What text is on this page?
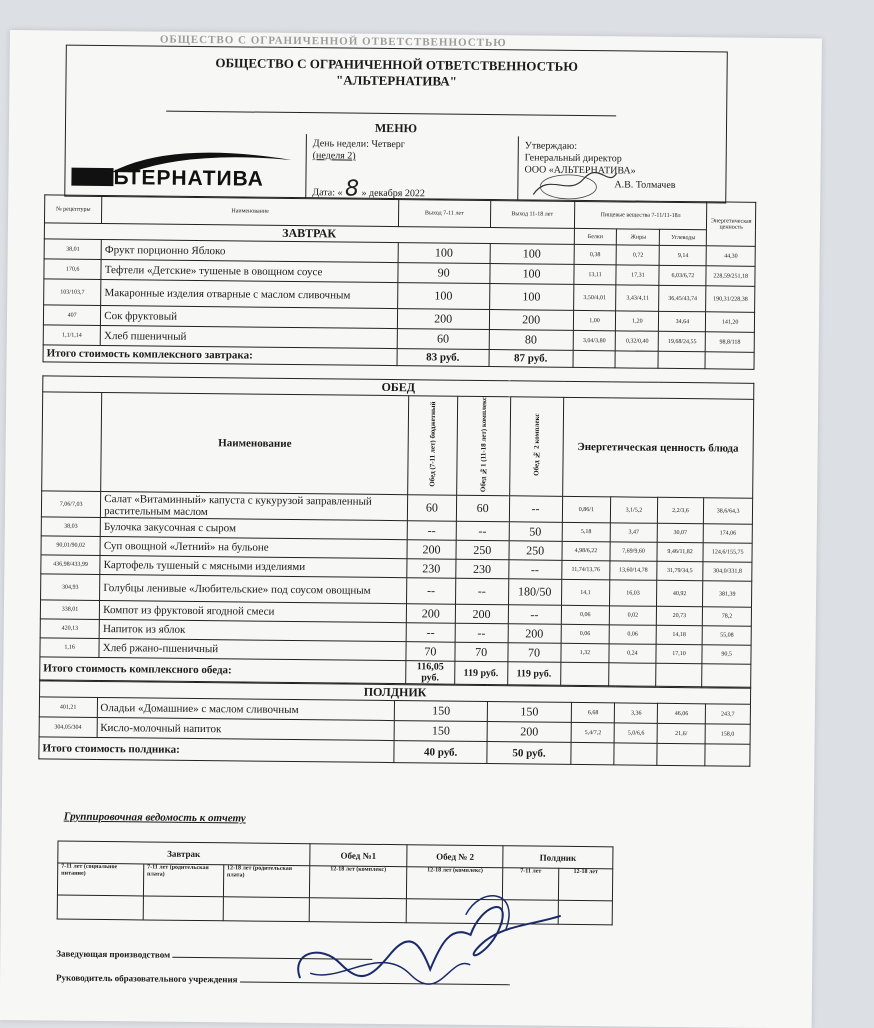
ОБЩЕСТВО С ОГРАНИЧЕННОЙ ОТВЕТСТВЕННОСТЬЮ
ОБЩЕСТВО С ОГРАНИЧЕННОЙ ОТВЕТСТВЕННОСТЬЮ
"АЛЬТЕРНАТИВА"
МЕНЮ
АЛЬТЕРНАТИВА
День недели: Четверг
(неделя 2)
Дата: « 8 » декабря 2022
Утверждаю:
Генеральный директор
ООО «АЛЬТЕРНАТИВА»
А.В. Толмачев
№ рецептуры	Наименование	Выход 7-11 лет	Выход 11-18 лет	Пищевые вещества 7-11/11-18л			Энергетическая ценность
ЗАВТРАК				Белки	Жиры	Углеводы	
38,01	Фрукт порционно Яблоко	100	100	0,38	0,72	9,14	44,30
170,6	Тефтели «Детские» тушеные в овощном соусе	90	100	13,11	17,31	6,03/6,72	228,59/251,18
103/103,7	Макаронные изделия отварные с маслом сливочным	100	100	3,50/4,01	3,43/4,11	36,45/43,74	190,31/228,38
407	Сок фруктовый	200	200	1,00	1,20	34,64	141,20
1,1/1,14	Хлеб пшеничный	60	80	3,04/3,80	0,32/0,40	19,68/24,55	98,8/118
Итого стоимость комплексного завтрака:		83 руб.	87 руб.				
ОБЕД								
	Наименование	Обед (7-11 лет) бюджетный	Обед №1 (11-18 лет) комплекс	Обед № 2 комплекс	Энергетическая ценность блюда			
7,06/7,03	Салат «Витаминный» капуста с кукурузой заправленный растительным маслом	60	60	--	0,86/1	3,1/5,2	2,2/3,6	38,6/64,3
38,03	Булочка закусочная с сыром	--	--	50	5,18	3,47	30,07	174,06
90,01/90,02	Суп овощной «Летний» на бульоне	200	250	250	4,98/6,22	7,69/9,60	9,46/11,82	124,6/155,75
436,98/433,99	Картофель тушеный с мясными изделиями	230	230	--	11,74/13,76	13,60/14,78	31,79/34,5	304,0/331,8
304,93	Голубцы ленивые «Любительские» под соусом овощным	--	--	180/50	14,1	16,03	40,92	381,39
338,01	Компот из фруктовой ягодной смеси	200	200	--	0,06	0,02	20,73	78,2
420,13	Напиток из яблок	--	--	200	0,06	0,06	14,18	55,08
1,16	Хлеб ржано-пшеничный	70	70	70	1,32	0,24	17,10	90,5
Итого стоимость комплексного обеда:		116,05 руб.	119 руб.	119 руб.				
ПОЛДНИК							
401,21	Оладьи «Домашние» с маслом сливочным	150	150	6,68	3,36	46,06	243,7
304,05/304	Кисло-молочный напиток	150	200	5,4/7,2	5,0/6,6	21,6/	158,0
Итого стоимость полдника:		40 руб.	50 руб.				
Группировочная ведомость к отчету
Завтрак			Обед №1	Обед № 2	Полдник	
7-11 лет (социальное питание)	7-11 лет (родительская плата)	12-18 лет (родительская плата)	12-18 лет (комплекс)	12-18 лет (комплекс)	7-11 лет	12-18 лет

Заведующая производством
Руководитель образовательного учреждения
